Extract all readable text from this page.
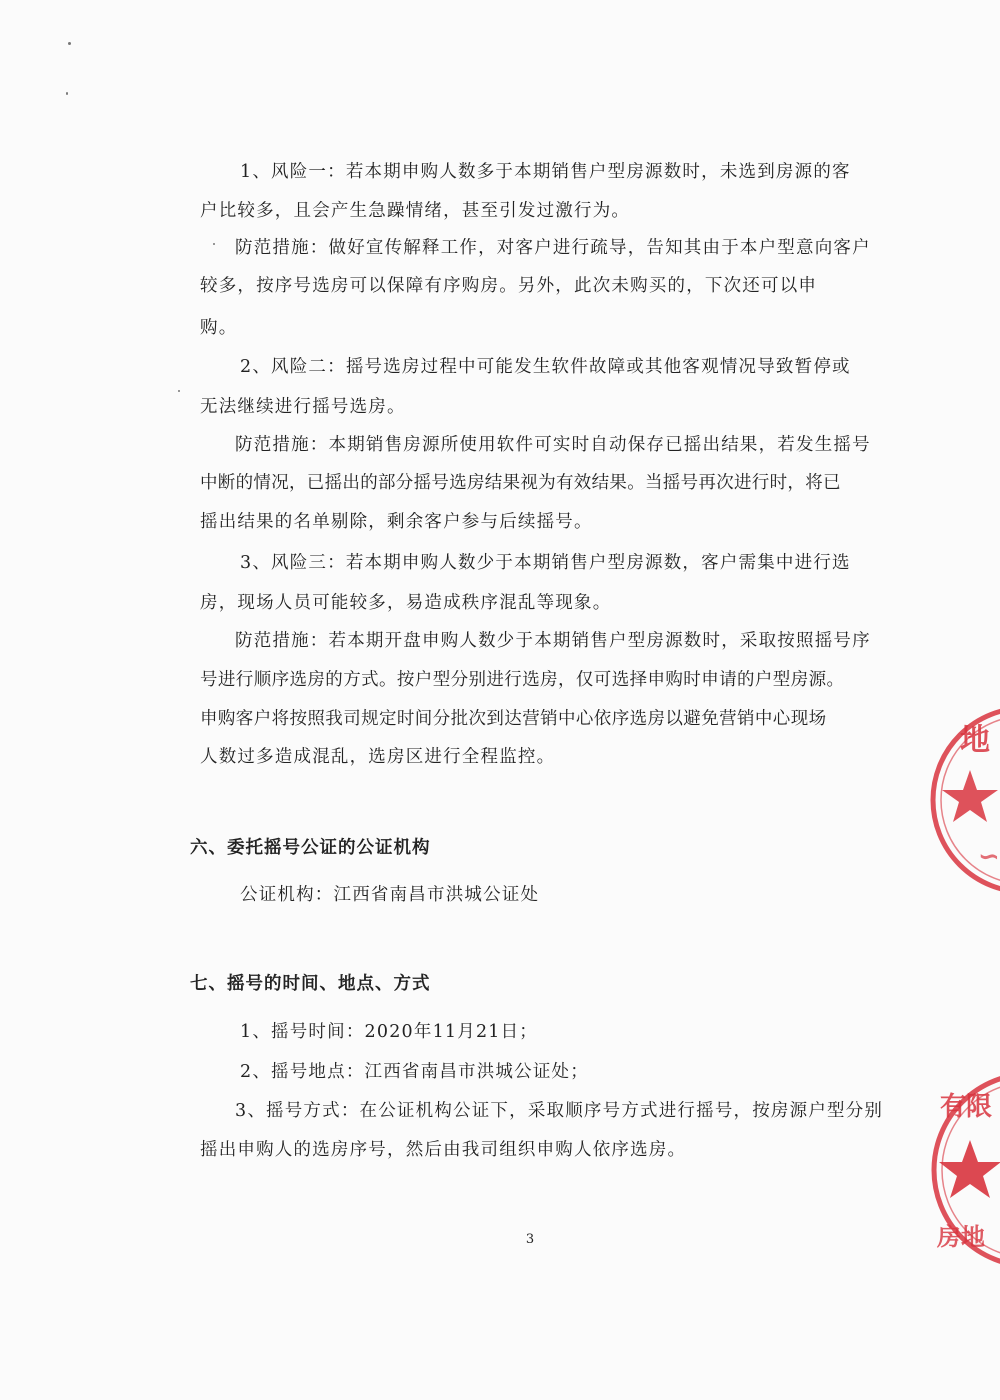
1、风险一：若本期申购人数多于本期销售户型房源数时，未选到房源的客
户比较多，且会产生急躁情绪，甚至引发过激行为。
防范措施：做好宣传解释工作，对客户进行疏导，告知其由于本户型意向客户
较多，按序号选房可以保障有序购房。另外，此次未购买的，下次还可以申
购。
2、风险二：摇号选房过程中可能发生软件故障或其他客观情况导致暂停或
无法继续进行摇号选房。
防范措施：本期销售房源所使用软件可实时自动保存已摇出结果，若发生摇号
中断的情况，已摇出的部分摇号选房结果视为有效结果。当摇号再次进行时，将已
摇出结果的名单剔除，剩余客户参与后续摇号。
3、风险三：若本期申购人数少于本期销售户型房源数，客户需集中进行选
房，现场人员可能较多，易造成秩序混乱等现象。
防范措施：若本期开盘申购人数少于本期销售户型房源数时，采取按照摇号序
号进行顺序选房的方式。按户型分别进行选房，仅可选择申购时申请的户型房源。
申购客户将按照我司规定时间分批次到达营销中心依序选房以避免营销中心现场
人数过多造成混乱，选房区进行全程监控。
六、委托摇号公证的公证机构
公证机构：江西省南昌市洪城公证处
七、摇号的时间、地点、方式
1、摇号时间：2020年11月21日；
2、摇号地点：江西省南昌市洪城公证处；
3、摇号方式：在公证机构公证下，采取顺序号方式进行摇号，按房源户型分别
摇出申购人的选房序号，然后由我司组织申购人依序选房。
3
地
∽
有限
房地
